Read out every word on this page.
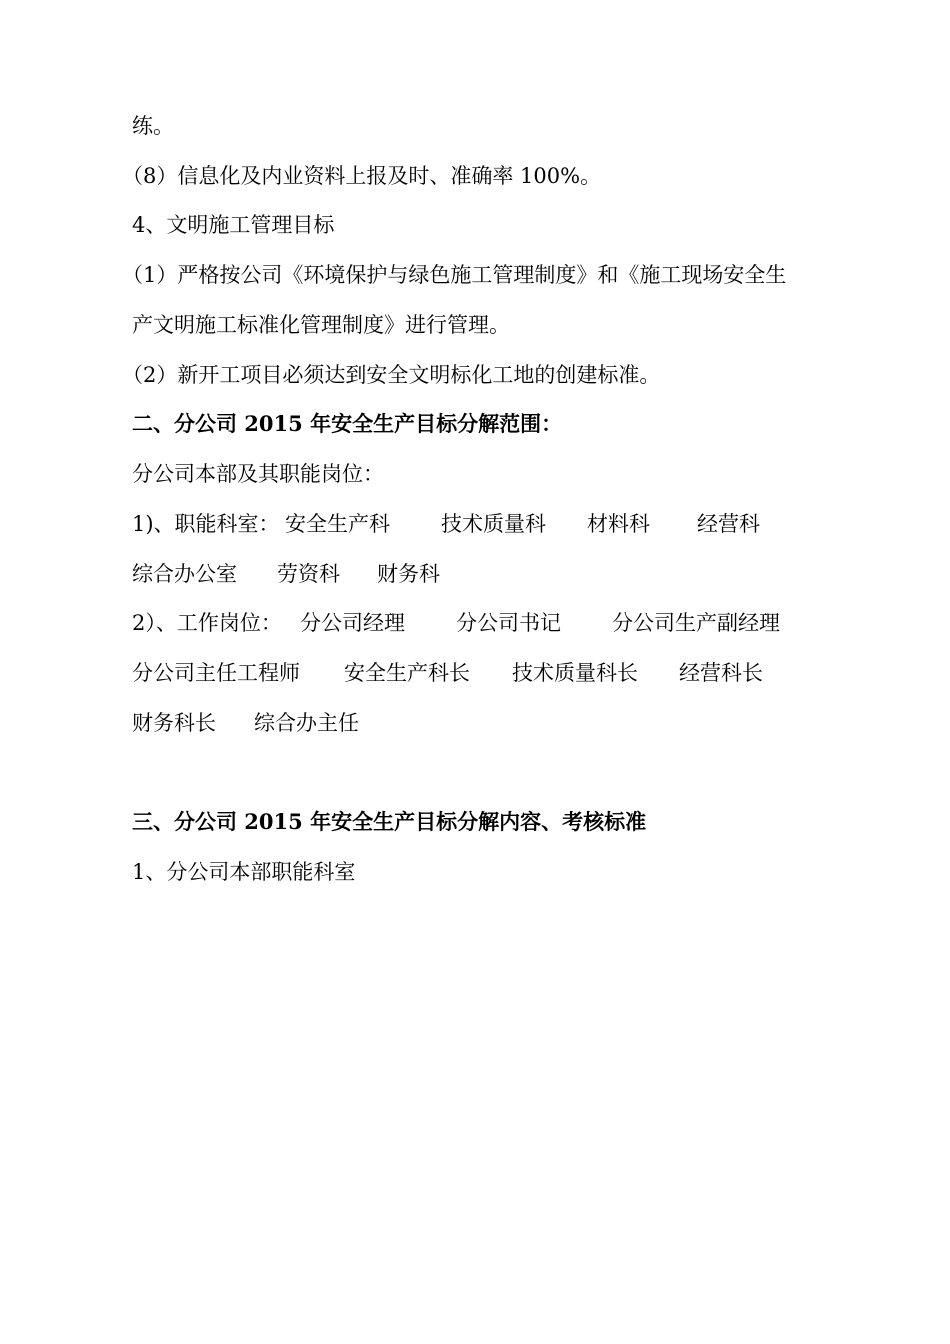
练。
（8）信息化及内业资料上报及时、准确率 100%。
4、文明施工管理目标
（1）严格按公司《环境保护与绿色施工管理制度》和《施工现场安全生
产文明施工标准化管理制度》进行管理。
（2）新开工项目必须达到安全文明标化工地的创建标准。
二、分公司 2015 年安全生产目标分解范围：
分公司本部及其职能岗位：
1)、职能科室： 安全生产科 技术质量科 材料科 经营科
综合办公室 劳资科 财务科
2）、工作岗位： 分公司经理 分公司书记 分公司生产副经理
分公司主任工程师 安全生产科长 技术质量科长 经营科长
财务科长 综合办主任
三、分公司 2015 年安全生产目标分解内容、考核标准
1、分公司本部职能科室
